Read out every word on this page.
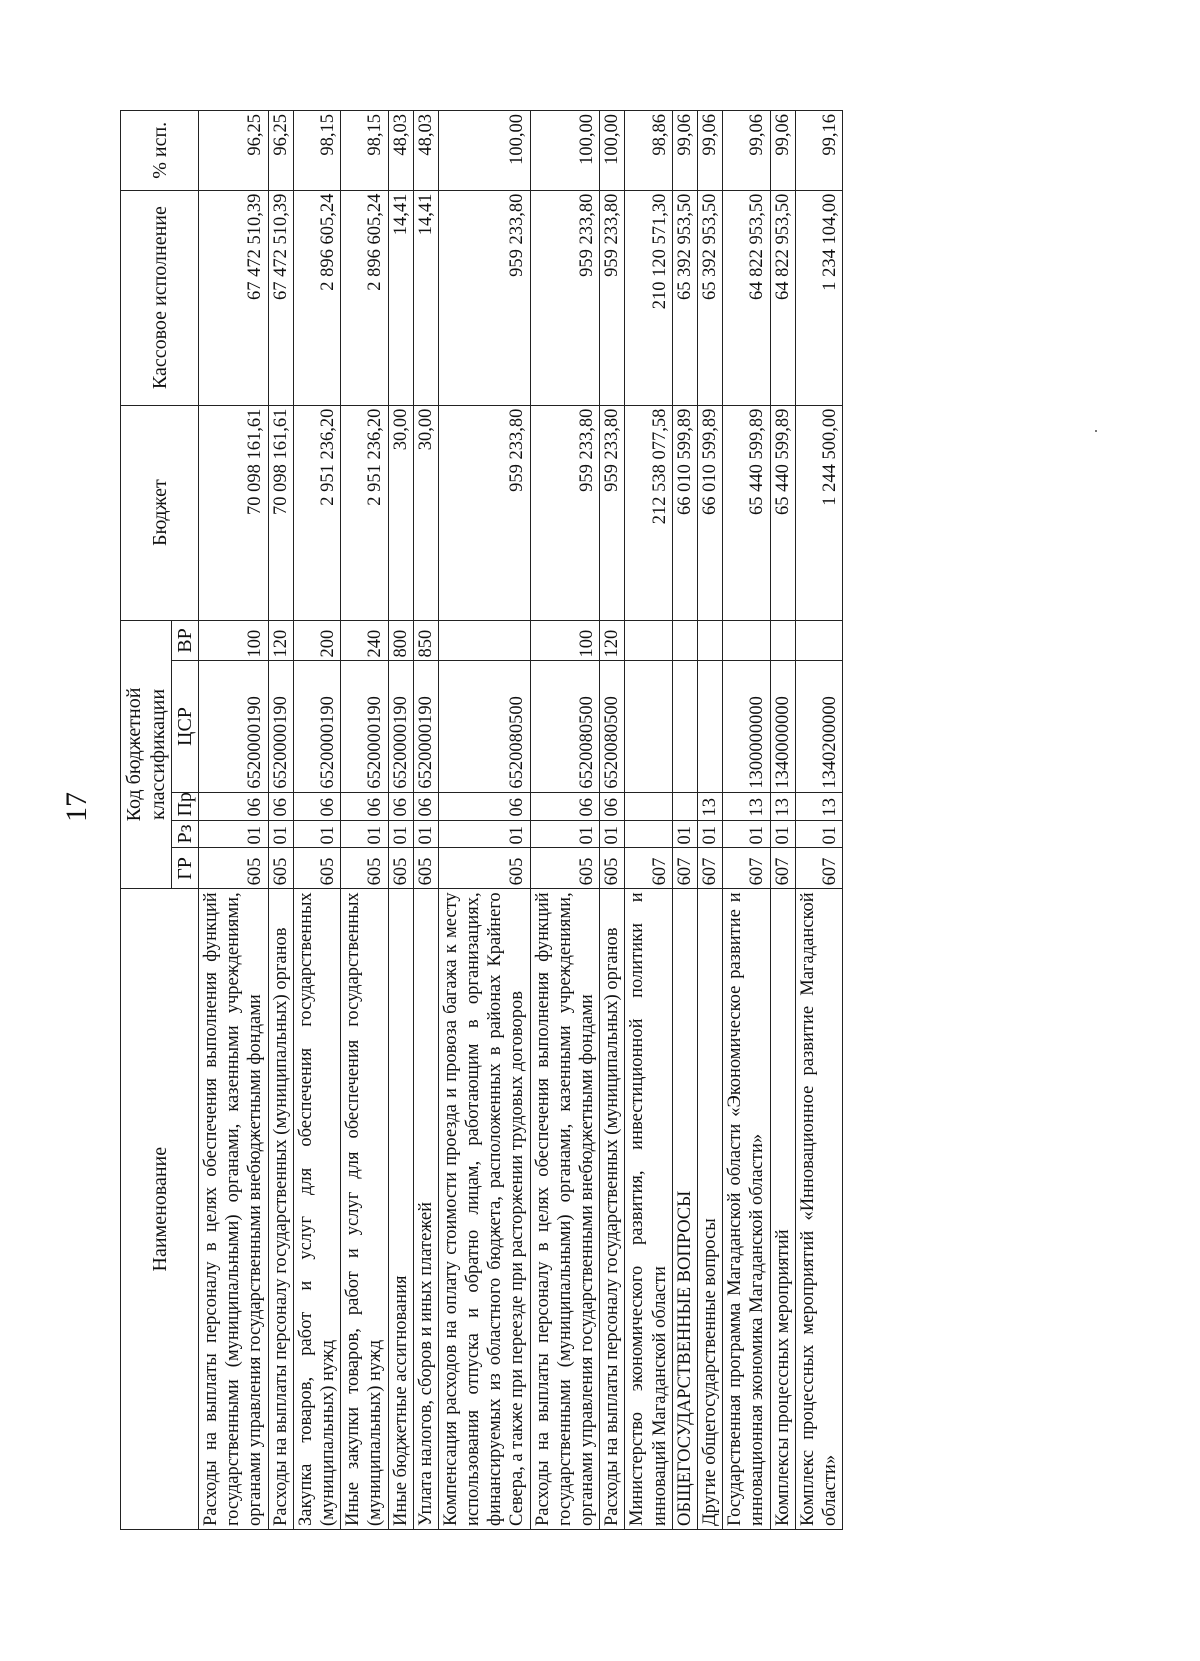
17
Наименование	Код бюджетной классификации					Бюджет	Кассовое исполнение	% исп.
	ГР	Рз	Пр	ЦСР	ВР			
Расходы на выплаты персоналу в целях обеспечения выполнения функций государственными (муниципальными) органами, казенными учреждениями, органами управления государственными внебюджетными фондами	605	01	06	6520000190	100	70 098 161,61	67 472 510,39	96,25
Расходы на выплаты персоналу государственных (муниципальных) органов	605	01	06	6520000190	120	70 098 161,61	67 472 510,39	96,25
Закупка товаров, работ и услуг для обеспечения государственных (муниципальных) нужд	605	01	06	6520000190	200	2 951 236,20	2 896 605,24	98,15
Иные закупки товаров, работ и услуг для обеспечения государственных (муниципальных) нужд	605	01	06	6520000190	240	2 951 236,20	2 896 605,24	98,15
Иные бюджетные ассигнования	605	01	06	6520000190	800	30,00	14,41	48,03
Уплата налогов, сборов и иных платежей	605	01	06	6520000190	850	30,00	14,41	48,03
Компенсация расходов на оплату стоимости проезда и провоза багажа к месту использования отпуска и обратно лицам, работающим в организациях, финансируемых из областного бюджета, расположенных в районах Крайнего Севера, а также при переезде при расторжении трудовых договоров	605	01	06	6520080500		959 233,80	959 233,80	100,00
Расходы на выплаты персоналу в целях обеспечения выполнения функций государственными (муниципальными) органами, казенными учреждениями, органами управления государственными внебюджетными фондами	605	01	06	6520080500	100	959 233,80	959 233,80	100,00
Расходы на выплаты персоналу государственных (муниципальных) органов	605	01	06	6520080500	120	959 233,80	959 233,80	100,00
Министерство экономического развития, инвестиционной политики и инноваций Магаданской области	607					212 538 077,58	210 120 571,30	98,86
ОБЩЕГОСУДАРСТВЕННЫЕ ВОПРОСЫ	607	01				66 010 599,89	65 392 953,50	99,06
Другие общегосударственные вопросы	607	01	13			66 010 599,89	65 392 953,50	99,06
Государственная программа Магаданской области «Экономическое развитие и инновационная экономика Магаданской области»	607	01	13	1300000000		65 440 599,89	64 822 953,50	99,06
Комплексы процессных мероприятий	607	01	13	1340000000		65 440 599,89	64 822 953,50	99,06
Комплекс процессных мероприятий «Инновационное развитие Магаданской области»	607	01	13	1340200000		1 244 500,00	1 234 104,00	99,16
